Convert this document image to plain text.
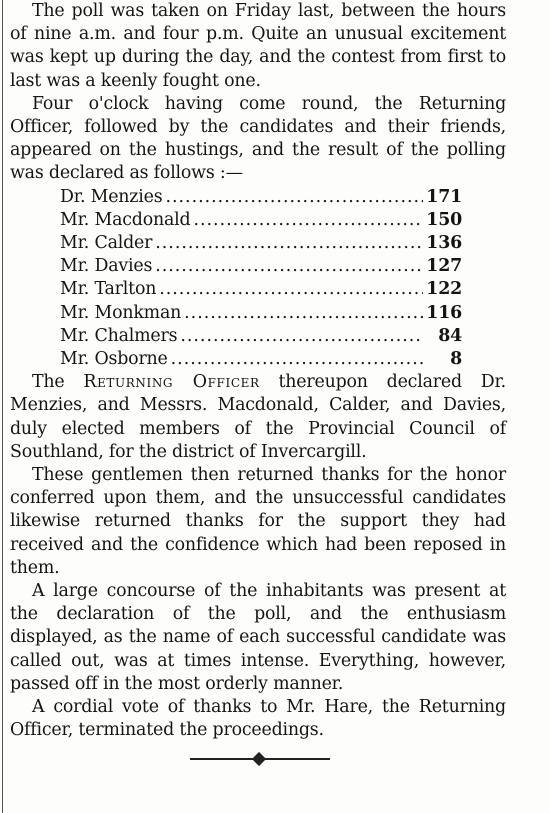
The poll was taken on Friday last, between the hours of nine a.m. and four p.m. Quite an unusual excitement was kept up during the day, and the contest from first to last was a keenly fought one.

Four o'clock having come round, the Returning Officer, followed by the candidates and their friends, appeared on the hustings, and the result of the polling was declared as follows :—

Dr. Menzies .....	171
Mr. Macdonald .....	150
Mr. Calder .....	136
Mr. Davies .....	127
Mr. Tarlton .....	122
Mr. Monkman .....	116
Mr. Chalmers .....	84
Mr. Osborne .....	8

The Returning Officer thereupon declared Dr. Menzies, and Messrs. Macdonald, Calder, and Davies, duly elected members of the Provincial Council of Southland, for the district of Invercargill.

These gentlemen then returned thanks for the honor conferred upon them, and the unsuccessful candidates likewise returned thanks for the support they had received and the confidence which had been reposed in them.

A large concourse of the inhabitants was present at the declaration of the poll, and the enthusiasm displayed, as the name of each successful candidate was called out, was at times intense. Everything, however, passed off in the most orderly manner.

A cordial vote of thanks to Mr. Hare, the Returning Officer, terminated the proceedings.
